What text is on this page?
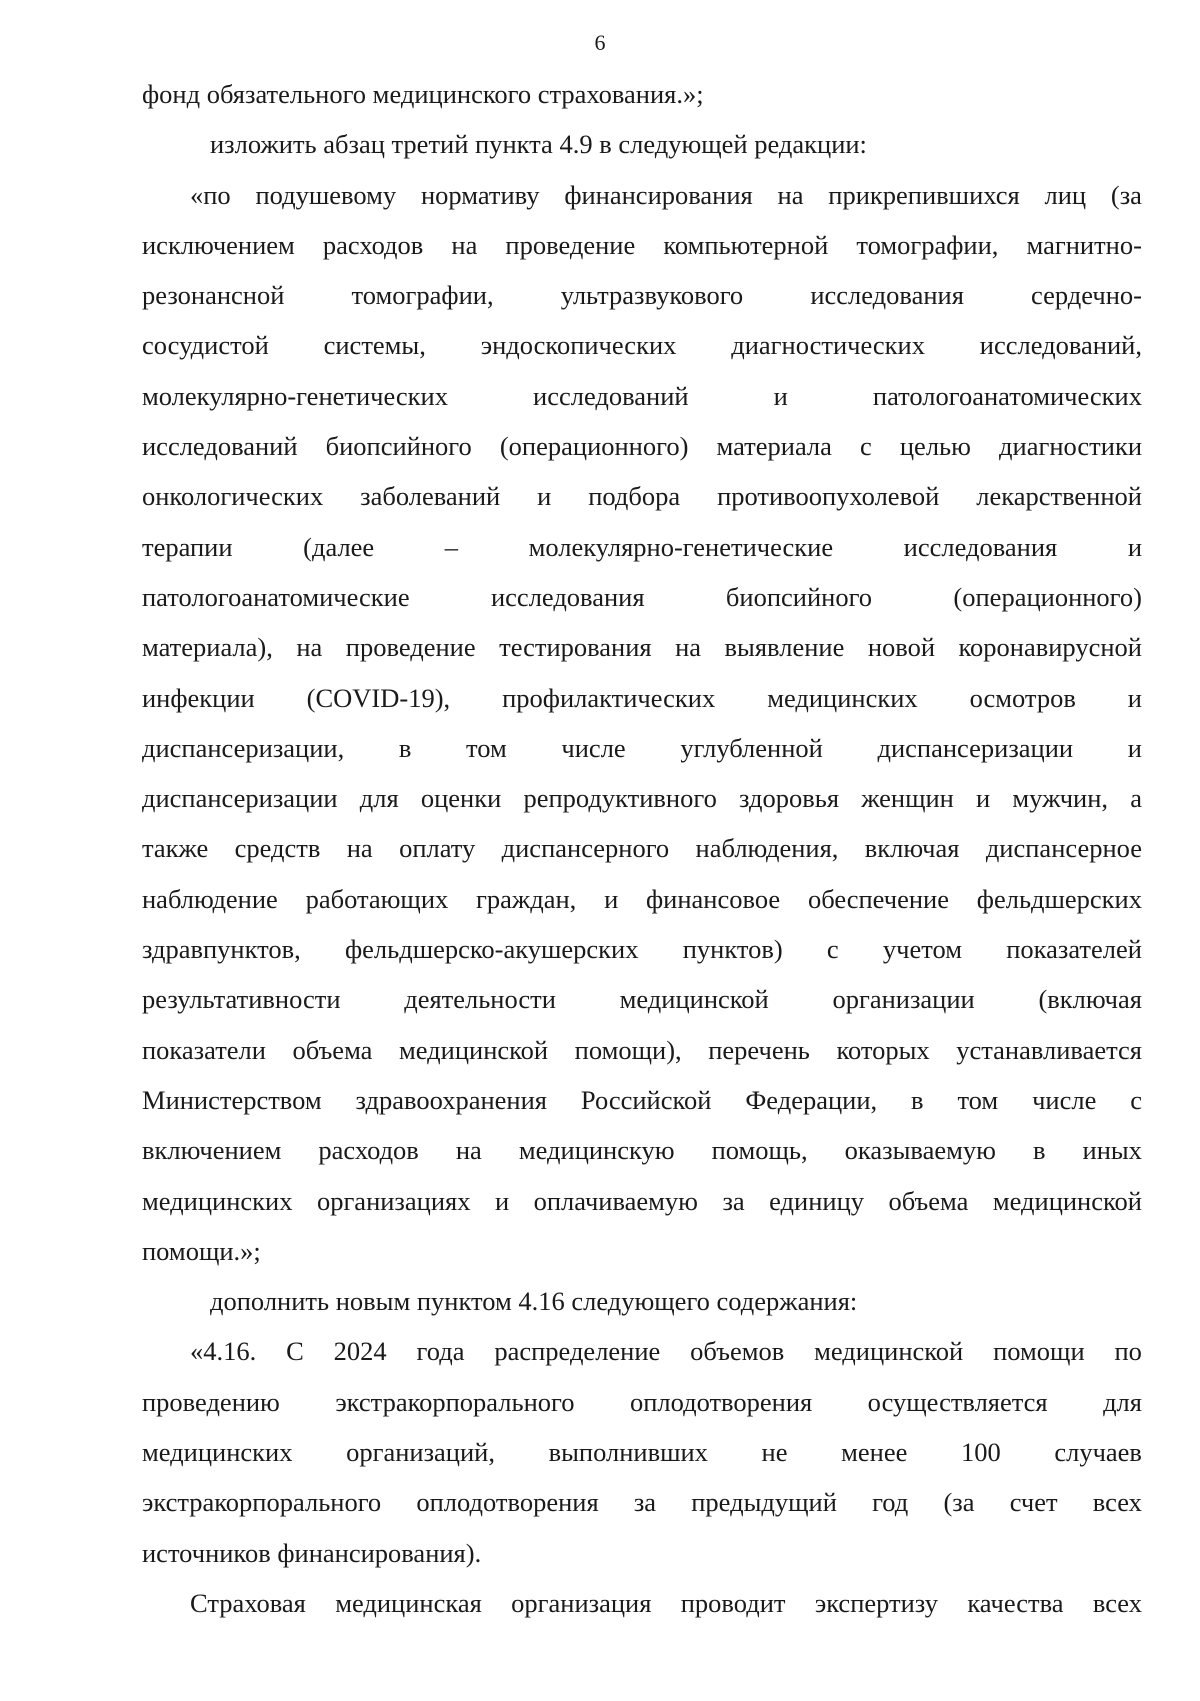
6
фонд обязательного медицинского страхования.»;
изложить абзац третий пункта 4.9 в следующей редакции:
«по подушевому нормативу финансирования на прикрепившихся лиц (за
исключением расходов на проведение компьютерной томографии, магнитно-
резонансной	томографии,	ультразвукового	исследования	сердечно-
сосудистой системы, эндоскопических диагностических исследований,
молекулярно-генетических	исследований	и	патологоанатомических
исследований биопсийного (операционного) материала с целью диагностики
онкологических заболеваний и подбора противоопухолевой лекарственной
терапии	(далее	–	молекулярно-генетические	исследования	и
патологоанатомические	исследования	биопсийного	(операционного)
материала), на проведение тестирования на выявление новой коронавирусной
инфекции (COVID-19), профилактических медицинских осмотров и
диспансеризации, в том числе углубленной диспансеризации и
диспансеризации для оценки репродуктивного здоровья женщин и мужчин, а
также средств на оплату диспансерного наблюдения, включая диспансерное
наблюдение работающих граждан, и финансовое обеспечение фельдшерских
здравпунктов, фельдшерско-акушерских пунктов) с учетом показателей
результативности деятельности медицинской организации (включая
показатели объема медицинской помощи), перечень которых устанавливается
Министерством здравоохранения Российской Федерации, в том числе с
включением расходов на медицинскую помощь, оказываемую в иных
медицинских организациях и оплачиваемую за единицу объема медицинской
помощи.»;
дополнить новым пунктом 4.16 следующего содержания:
«4.16. С 2024 года распределение объемов медицинской помощи по
проведению экстракорпорального оплодотворения осуществляется для
медицинских организаций, выполнивших не менее 100 случаев
экстракорпорального оплодотворения за предыдущий год (за счет всех
источников финансирования).
Страховая медицинская организация проводит экспертизу качества всех
